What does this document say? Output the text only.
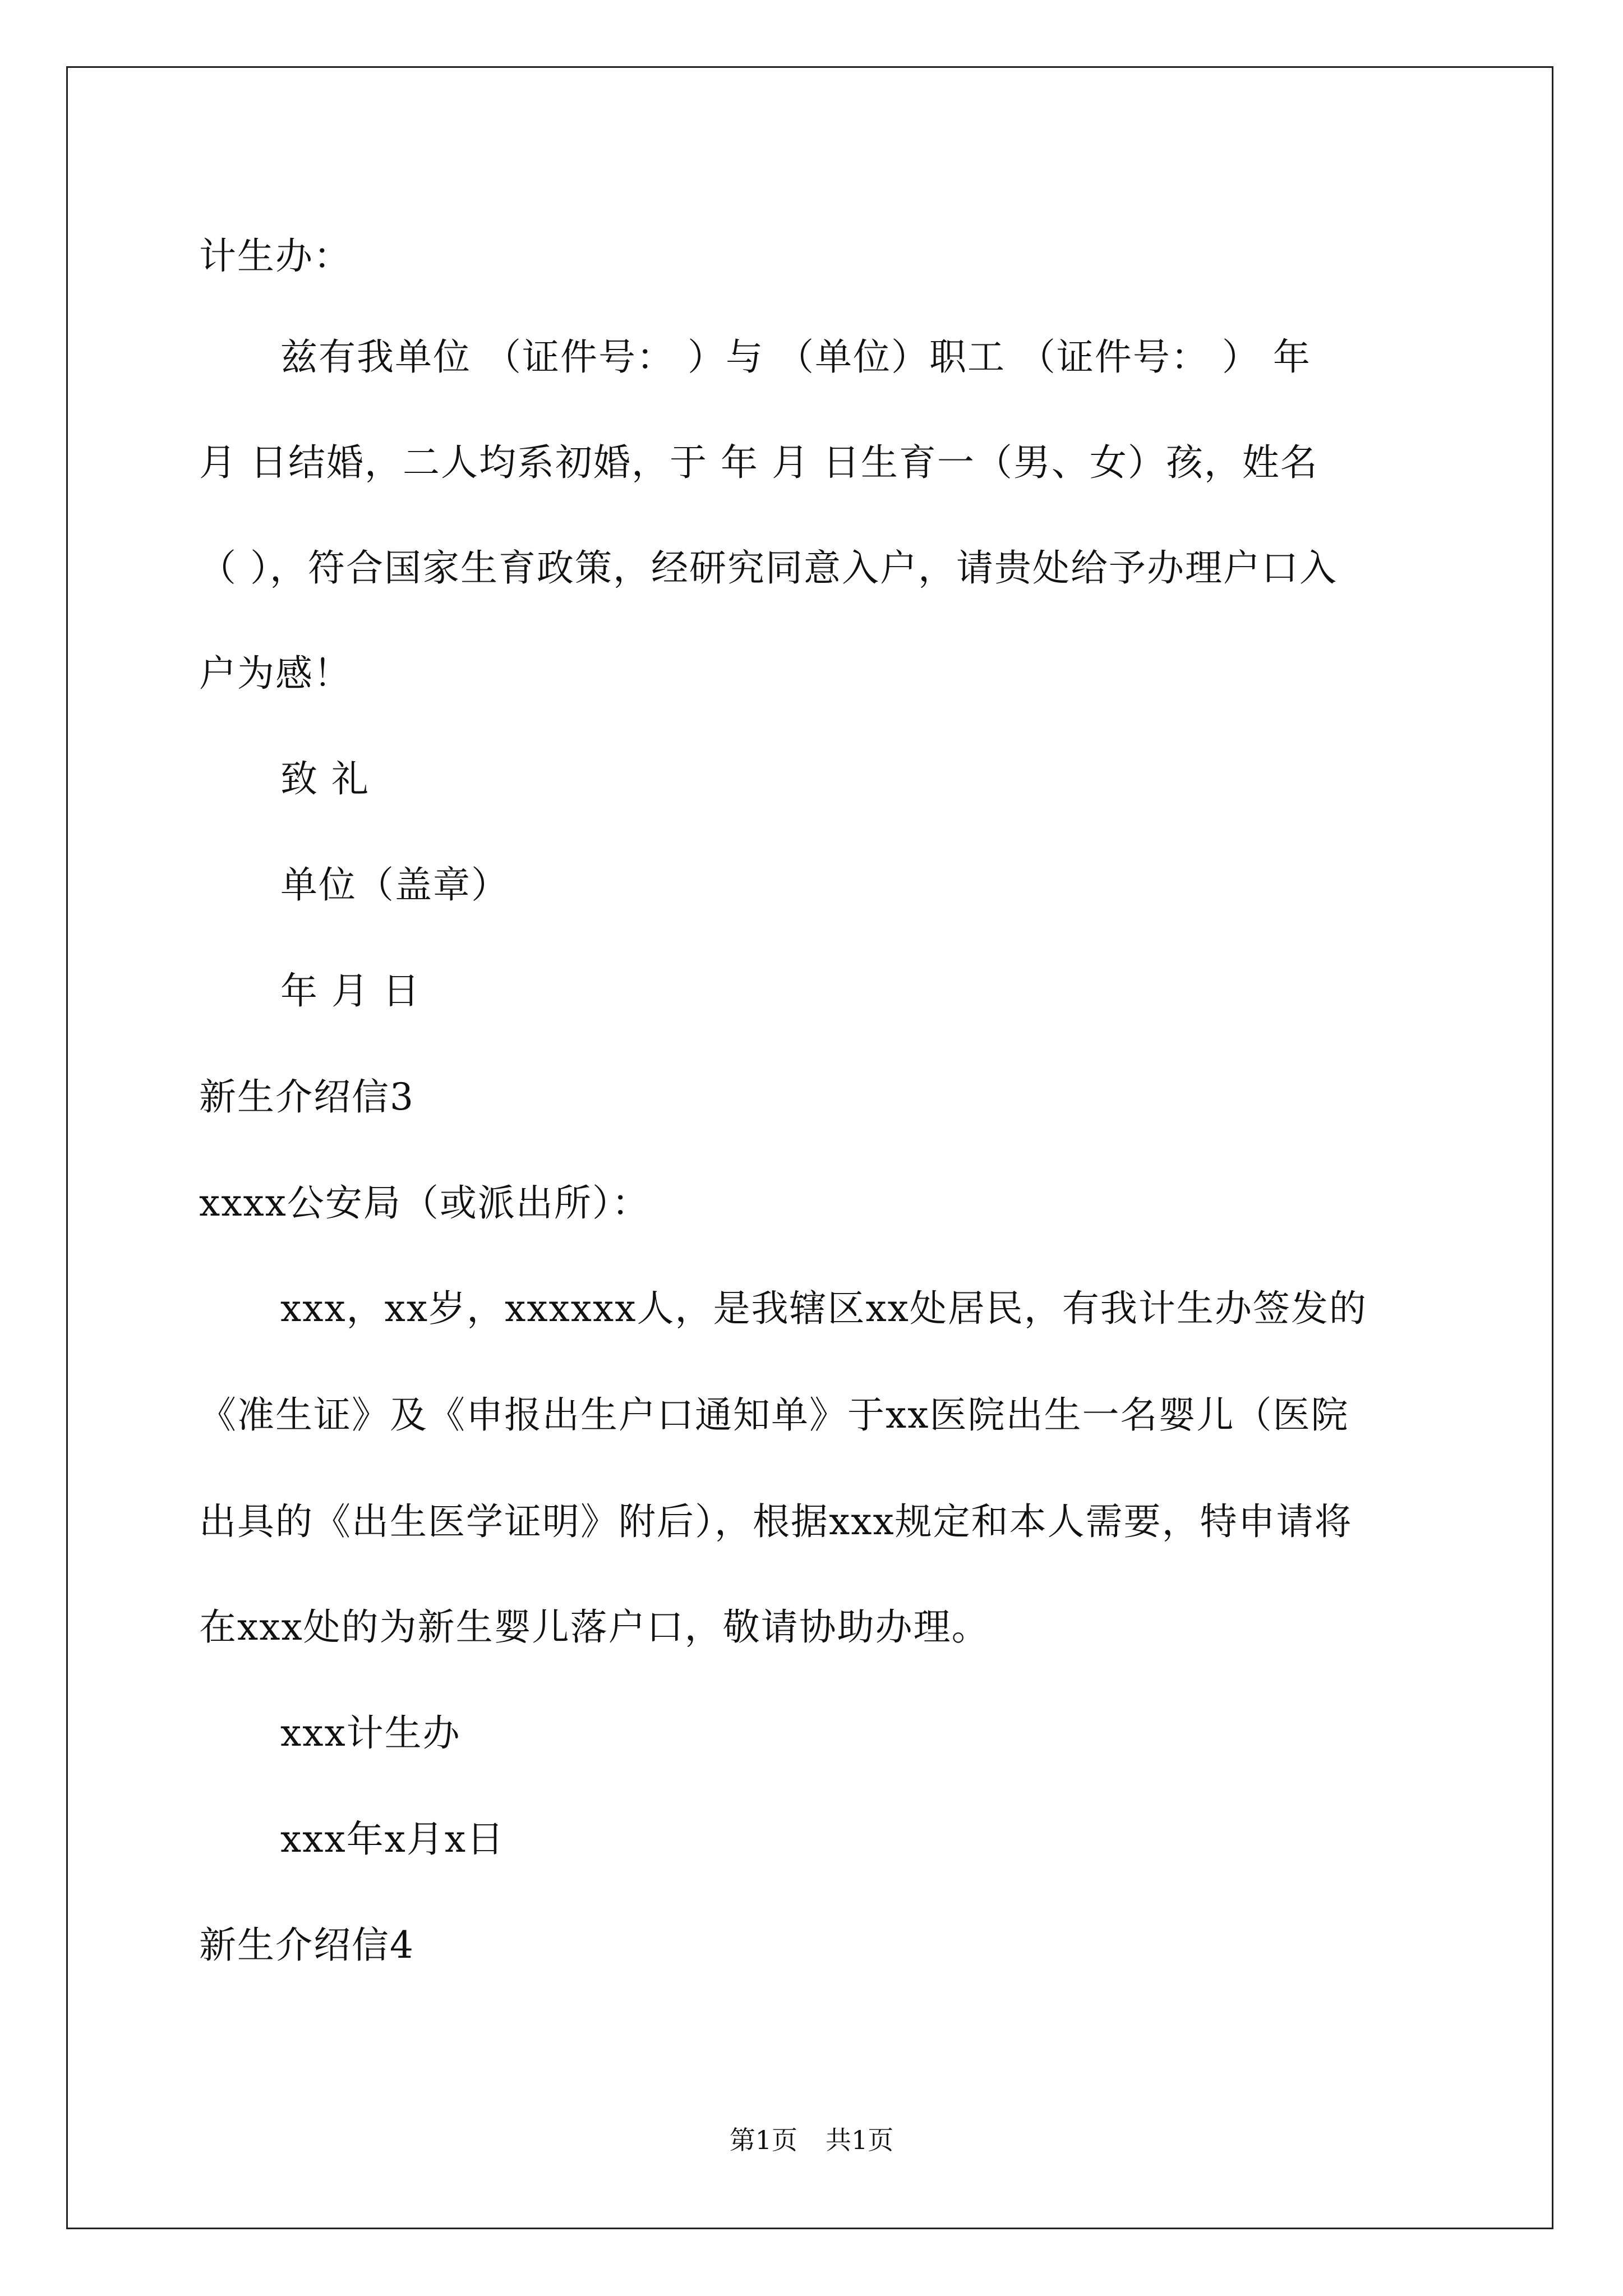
计生办：
兹有我单位 （证件号： ）与 （单位）职工 （证件号： ） 年
月 日结婚，二人均系初婚，于 年 月 日生育一（男、女）孩，姓名
（ ），符合国家生育政策，经研究同意入户，请贵处给予办理户口入
户为感！
致 礼
单位（盖章）
年 月 日
新生介绍信3
xxxx公安局（或派出所）：
xxx，xx岁，xxxxxx人，是我辖区xx处居民，有我计生办签发的
《准生证》及《申报出生户口通知单》于xx医院出生一名婴儿（医院
出具的《出生医学证明》附后），根据xxx规定和本人需要，特申请将
在xxx处的为新生婴儿落户口，敬请协助办理。
xxx计生办
xxx年x月x日
新生介绍信4
第1页 共1页
